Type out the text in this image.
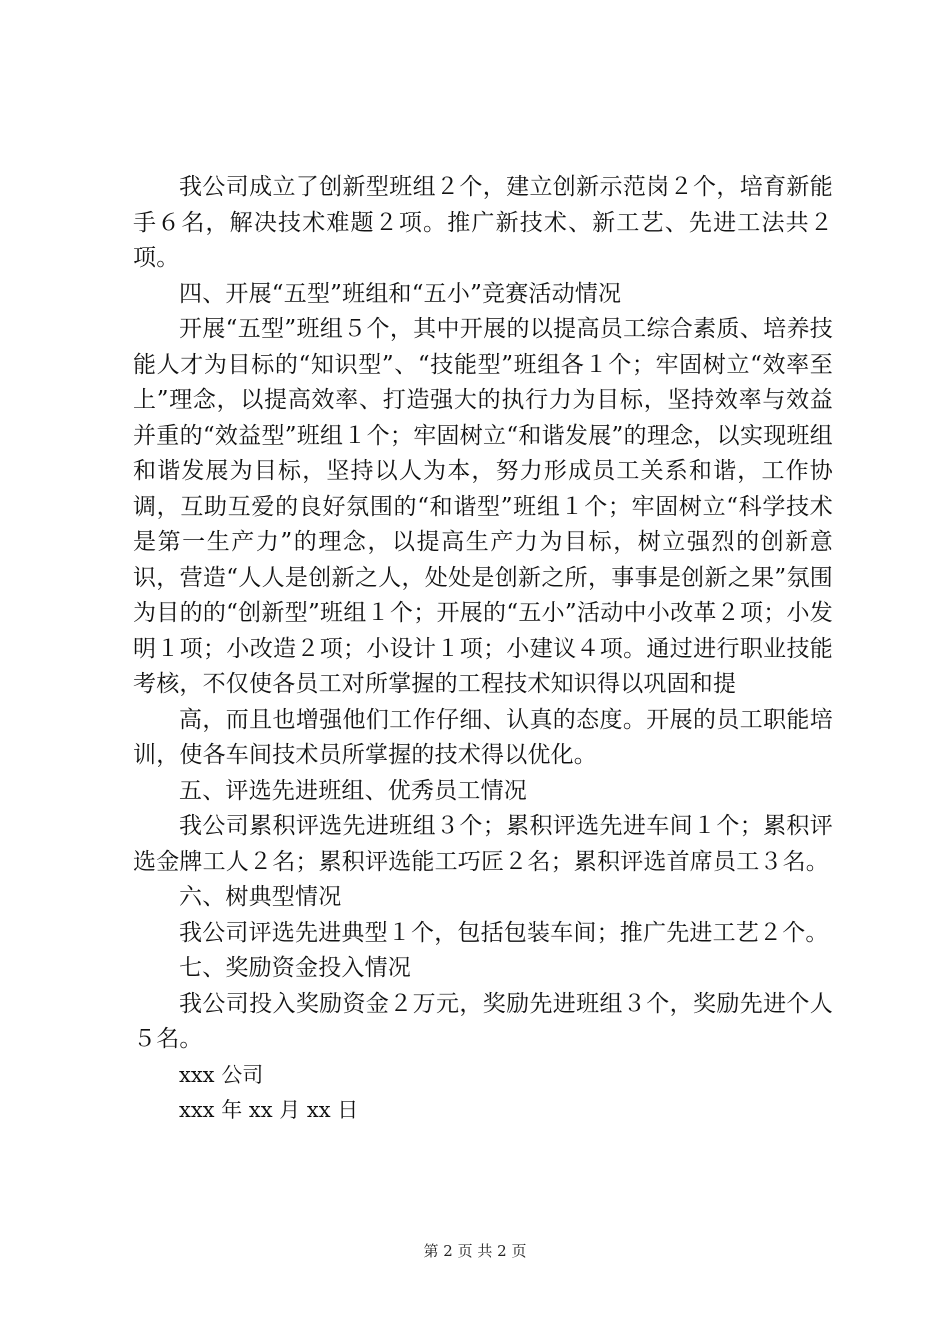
我公司成立了创新型班组２个，建立创新示范岗２个，培育新能手６名，解决技术难题２项。推广新技术、新工艺、先进工法共２项。

四、开展“五型”班组和“五小”竞赛活动情况

开展“五型”班组５个，其中开展的以提高员工综合素质、培养技能人才为目标的“知识型”、“技能型”班组各１个；牢固树立“效率至上”理念，以提高效率、打造强大的执行力为目标，坚持效率与效益并重的“效益型”班组１个；牢固树立“和谐发展”的理念，以实现班组和谐发展为目标，坚持以人为本，努力形成员工关系和谐，工作协调，互助互爱的良好氛围的“和谐型”班组１个；牢固树立“科学技术是第一生产力”的理念，以提高生产力为目标，树立强烈的创新意识，营造“人人是创新之人，处处是创新之所，事事是创新之果”氛围为目的的“创新型”班组１个；开展的“五小”活动中小改革２项；小发明１项；小改造２项；小设计１项；小建议４项。通过进行职业技能考核，不仅使各员工对所掌握的工程技术知识得以巩固和提

高，而且也增强他们工作仔细、认真的态度。开展的员工职能培训，使各车间技术员所掌握的技术得以优化。

五、评选先进班组、优秀员工情况

我公司累积评选先进班组３个；累积评选先进车间１个；累积评选金牌工人２名；累积评选能工巧匠２名；累积评选首席员工３名。

六、树典型情况

我公司评选先进典型１个，包括包装车间；推广先进工艺２个。

七、奖励资金投入情况

我公司投入奖励资金２万元，奖励先进班组３个，奖励先进个人５名。

xxx 公司

xxx 年 xx 月 xx 日

第 2 页 共 2 页
